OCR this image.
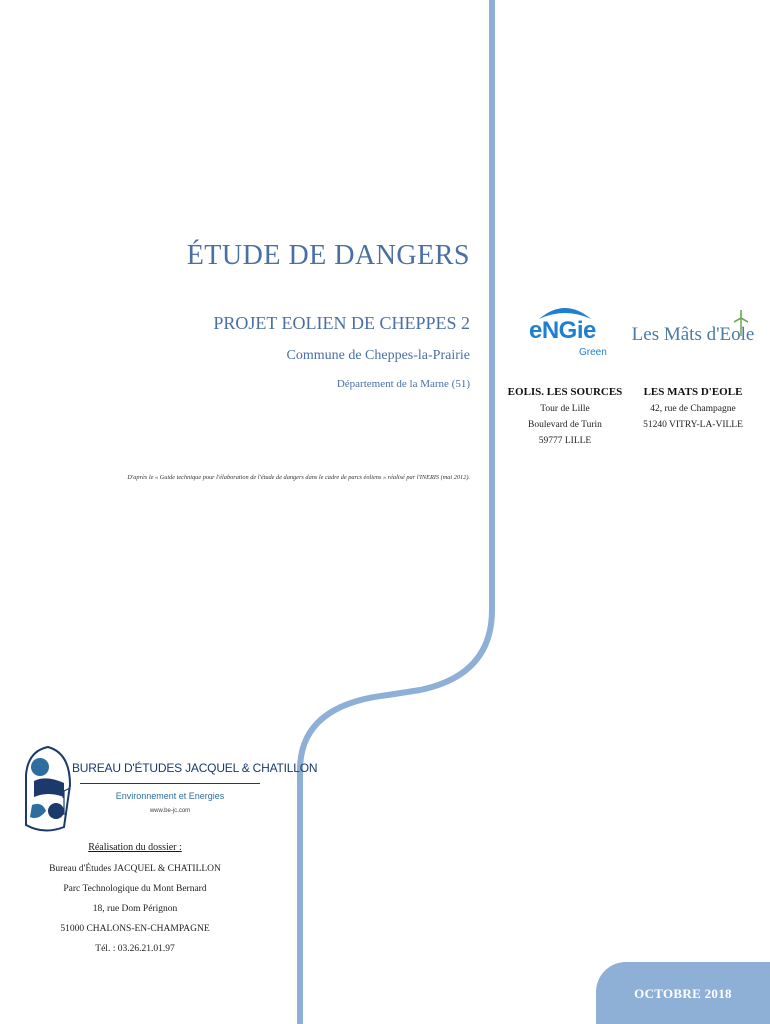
ÉTUDE DE DANGERS
PROJET EOLIEN DE CHEPPES 2
Commune de Cheppes-la-Prairie
Département de la Marne (51)
D'après le « Guide technique pour l'élaboration de l'étude de dangers dans le cadre de parcs éoliens » réalisé par l'INERIS (mai 2012).
eNGie
Green
EOLIS. LES SOURCES
Tour de Lille
Boulevard de Turin
59777 LILLE
Les Mâts d'Eole
LES MATS D'EOLE
42, rue de Champagne
51240 VITRY-LA-VILLE
BUREAU D'ÉTUDES JACQUEL & CHATILLON
Environnement et Energies
www.be-jc.com
Réalisation du dossier :
Bureau d'Études JACQUEL & CHATILLON
Parc Technologique du Mont Bernard
18, rue Dom Pérignon
51000 CHALONS-EN-CHAMPAGNE
Tél. : 03.26.21.01.97
OCTOBRE 2018
